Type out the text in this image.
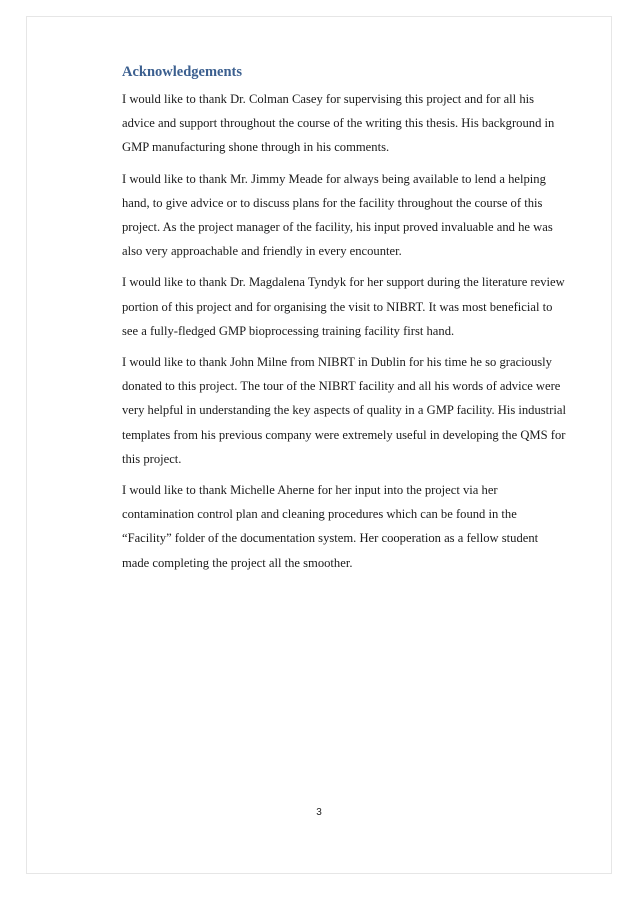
Acknowledgements

I would like to thank Dr. Colman Casey for supervising this project and for all his
advice and support throughout the course of the writing this thesis. His background in
GMP manufacturing shone through in his comments.

I would like to thank Mr. Jimmy Meade for always being available to lend a helping
hand, to give advice or to discuss plans for the facility throughout the course of this
project. As the project manager of the facility, his input proved invaluable and he was
also very approachable and friendly in every encounter.

I would like to thank Dr. Magdalena Tyndyk for her support during the literature review
portion of this project and for organising the visit to NIBRT. It was most beneficial to
see a fully-fledged GMP bioprocessing training facility first hand.

I would like to thank John Milne from NIBRT in Dublin for his time he so graciously
donated to this project. The tour of the NIBRT facility and all his words of advice were
very helpful in understanding the key aspects of quality in a GMP facility. His industrial
templates from his previous company were extremely useful in developing the QMS for
this project.

I would like to thank Michelle Aherne for her input into the project via her
contamination control plan and cleaning procedures which can be found in the
“Facility” folder of the documentation system. Her cooperation as a fellow student
made completing the project all the smoother.

3
